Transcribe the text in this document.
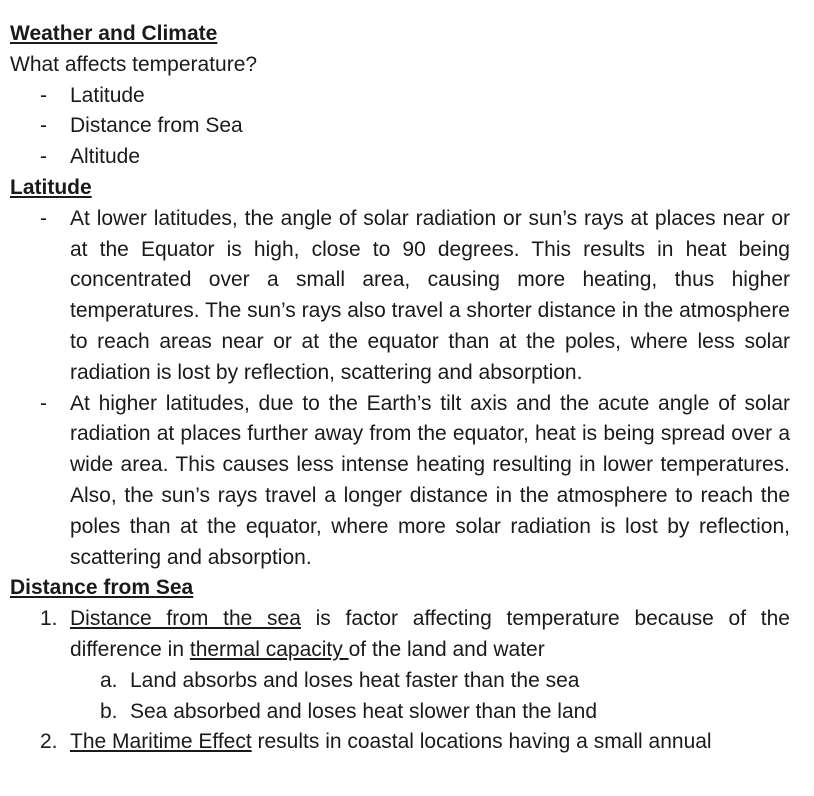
Weather and Climate

What affects temperature?

- Latitude
- Distance from Sea
- Altitude

Latitude

- At lower latitudes, the angle of solar radiation or sun’s rays at places near or at the Equator is high, close to 90 degrees. This results in heat being concentrated over a small area, causing more heating, thus higher temperatures. The sun’s rays also travel a shorter distance in the atmosphere to reach areas near or at the equator than at the poles, where less solar radiation is lost by reflection, scattering and absorption.
- At higher latitudes, due to the Earth’s tilt axis and the acute angle of solar radiation at places further away from the equator, heat is being spread over a wide area. This causes less intense heating resulting in lower temperatures. Also, the sun’s rays travel a longer distance in the atmosphere to reach the poles than at the equator, where more solar radiation is lost by reflection, scattering and absorption.

Distance from Sea

1. Distance from the sea is factor affecting temperature because of the difference in thermal capacity of the land and water
a. Land absorbs and loses heat faster than the sea
b. Sea absorbed and loses heat slower than the land
2. The Maritime Effect results in coastal locations having a small annual
